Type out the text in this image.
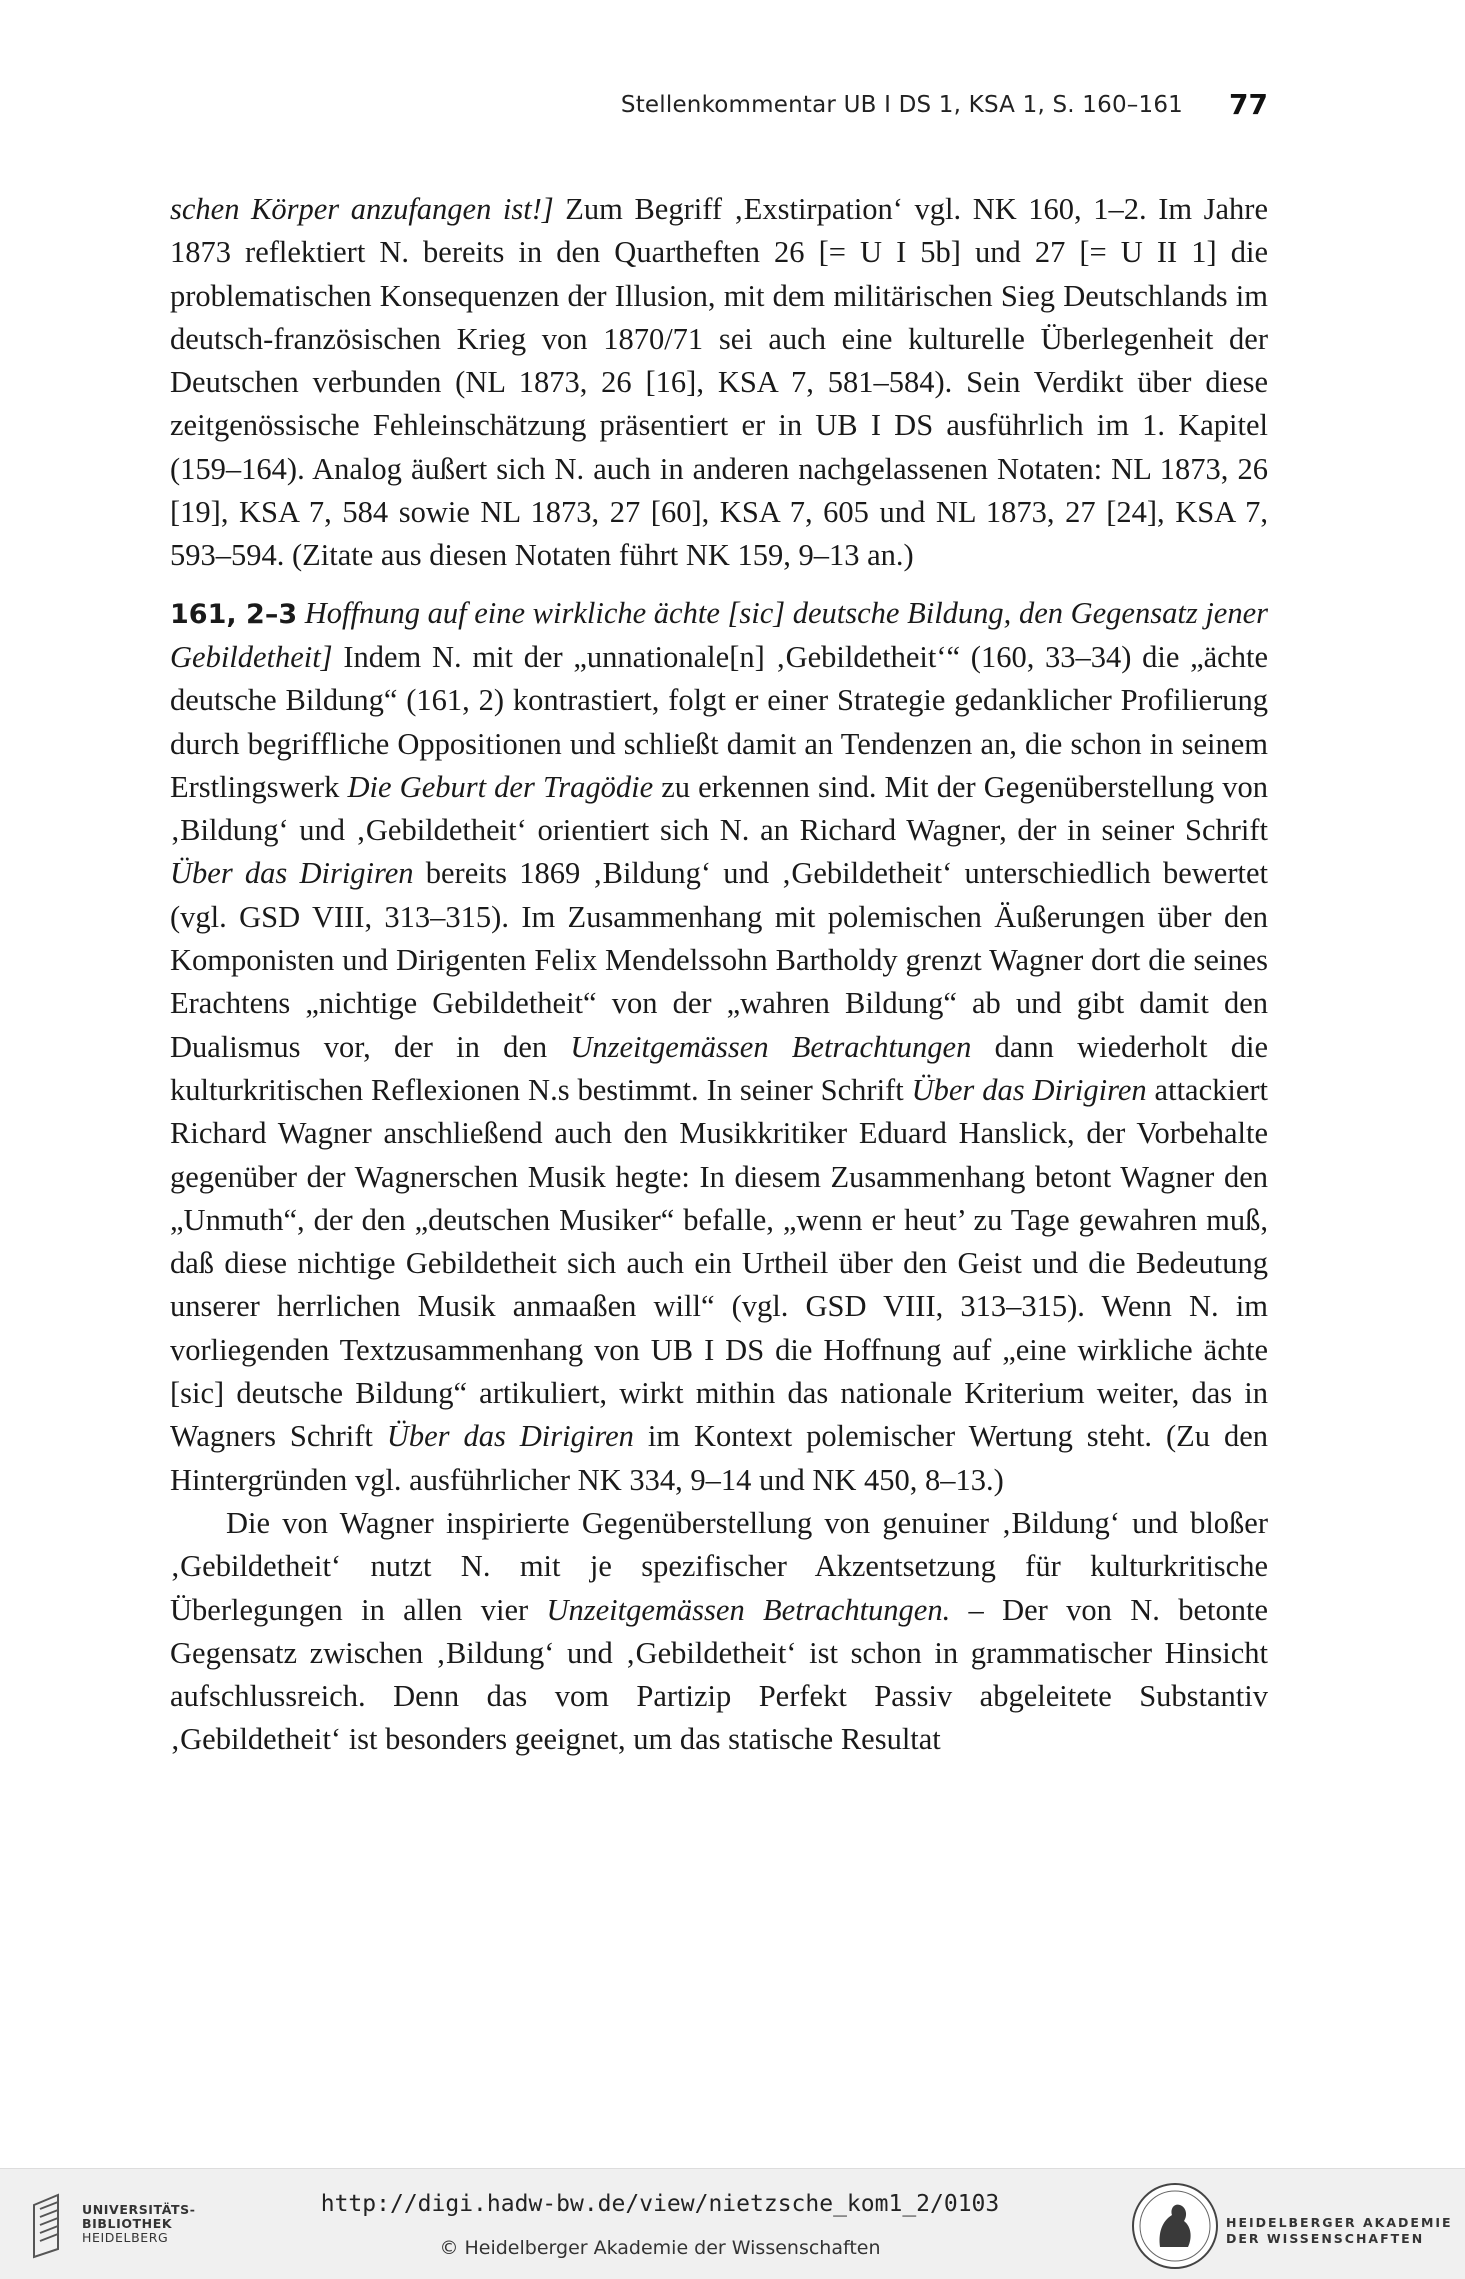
Stellenkommentar UB I DS 1, KSA 1, S. 160–161 77

schen Körper anzufangen ist!] Zum Begriff ‚Exstirpation‘ vgl. NK 160, 1–2. Im Jahre 1873 reflektiert N. bereits in den Quartheften 26 [= U I 5b] und 27 [= U II 1] die problematischen Konsequenzen der Illusion, mit dem militärischen Sieg Deutschlands im deutsch-französischen Krieg von 1870/71 sei auch eine kulturelle Überlegenheit der Deutschen verbunden (NL 1873, 26 [16], KSA 7, 581–584). Sein Verdikt über diese zeitgenössische Fehleinschätzung präsentiert er in UB I DS ausführlich im 1. Kapitel (159–164). Analog äußert sich N. auch in anderen nachgelassenen Notaten: NL 1873, 26 [19], KSA 7, 584 sowie NL 1873, 27 [60], KSA 7, 605 und NL 1873, 27 [24], KSA 7, 593–594. (Zitate aus diesen Notaten führt NK 159, 9–13 an.)

161, 2–3 Hoffnung auf eine wirkliche ächte [sic] deutsche Bildung, den Gegensatz jener Gebildetheit] Indem N. mit der „unnationale[n] ‚Gebildetheit‘“ (160, 33–34) die „ächte deutsche Bildung“ (161, 2) kontrastiert, folgt er einer Strategie gedanklicher Profilierung durch begriffliche Oppositionen und schließt damit an Tendenzen an, die schon in seinem Erstlingswerk Die Geburt der Tragödie zu erkennen sind. Mit der Gegenüberstellung von ‚Bildung‘ und ‚Gebildetheit‘ orientiert sich N. an Richard Wagner, der in seiner Schrift Über das Dirigiren bereits 1869 ‚Bildung‘ und ‚Gebildetheit‘ unterschiedlich bewertet (vgl. GSD VIII, 313–315). Im Zusammenhang mit polemischen Äußerungen über den Komponisten und Dirigenten Felix Mendelssohn Bartholdy grenzt Wagner dort die seines Erachtens „nichtige Gebildetheit“ von der „wahren Bildung“ ab und gibt damit den Dualismus vor, der in den Unzeitgemässen Betrachtungen dann wiederholt die kulturkritischen Reflexionen N.s bestimmt. In seiner Schrift Über das Dirigiren attackiert Richard Wagner anschließend auch den Musikkritiker Eduard Hanslick, der Vorbehalte gegenüber der Wagnerschen Musik hegte: In diesem Zusammenhang betont Wagner den „Unmuth“, der den „deutschen Musiker“ befalle, „wenn er heut’ zu Tage gewahren muß, daß diese nichtige Gebildetheit sich auch ein Urtheil über den Geist und die Bedeutung unserer herrlichen Musik anmaaßen will“ (vgl. GSD VIII, 313–315). Wenn N. im vorliegenden Textzusammenhang von UB I DS die Hoffnung auf „eine wirkliche ächte [sic] deutsche Bildung“ artikuliert, wirkt mithin das nationale Kriterium weiter, das in Wagners Schrift Über das Dirigiren im Kontext polemischer Wertung steht. (Zu den Hintergründen vgl. ausführlicher NK 334, 9–14 und NK 450, 8–13.)

Die von Wagner inspirierte Gegenüberstellung von genuiner ‚Bildung‘ und bloßer ‚Gebildetheit‘ nutzt N. mit je spezifischer Akzentsetzung für kulturkritische Überlegungen in allen vier Unzeitgemässen Betrachtungen. – Der von N. betonte Gegensatz zwischen ‚Bildung‘ und ‚Gebildetheit‘ ist schon in grammatischer Hinsicht aufschlussreich. Denn das vom Partizip Perfekt Passiv abgeleitete Substantiv ‚Gebildetheit‘ ist besonders geeignet, um das statische Resultat

UNIVERSITÄTS-
BIBLIOTHEK
HEIDELBERG
http://digi.hadw-bw.de/view/nietzsche_kom1_2/0103
© Heidelberger Akademie der Wissenschaften
HEIDELBERGER AKADEMIE
DER WISSENSCHAFTEN
